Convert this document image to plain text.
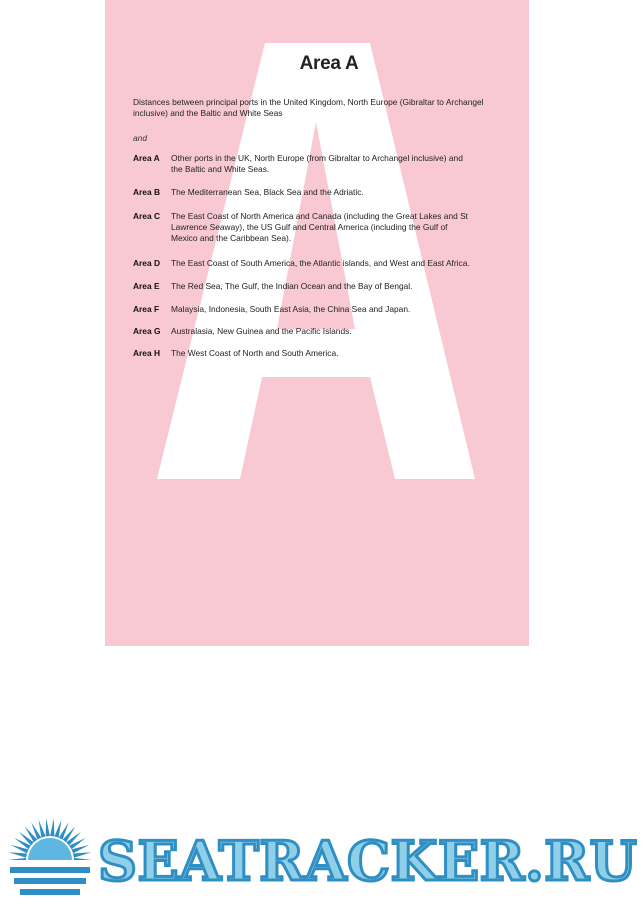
Area A
Distances between principal ports in the United Kingdom, North Europe (Gibraltar to Archangel inclusive) and the Baltic and White Seas
and
Area A	Other ports in the UK, North Europe (from Gibraltar to Archangel inclusive) and the Baltic and White Seas.
Area B	The Mediterranean Sea, Black Sea and the Adriatic.
Area C	The East Coast of North America and Canada (including the Great Lakes and St Lawrence Seaway), the US Gulf and Central America (including the Gulf of Mexico and the Caribbean Sea).
Area D	The East Coast of South America, the Atlantic islands, and West and East Africa.
Area E	The Red Sea, The Gulf, the Indian Ocean and the Bay of Bengal.
Area F	Malaysia, Indonesia, South East Asia, the China Sea and Japan.
Area G	Australasia, New Guinea and the Pacific Islands.
Area H	The West Coast of North and South America.
SEATRACKER.RU
